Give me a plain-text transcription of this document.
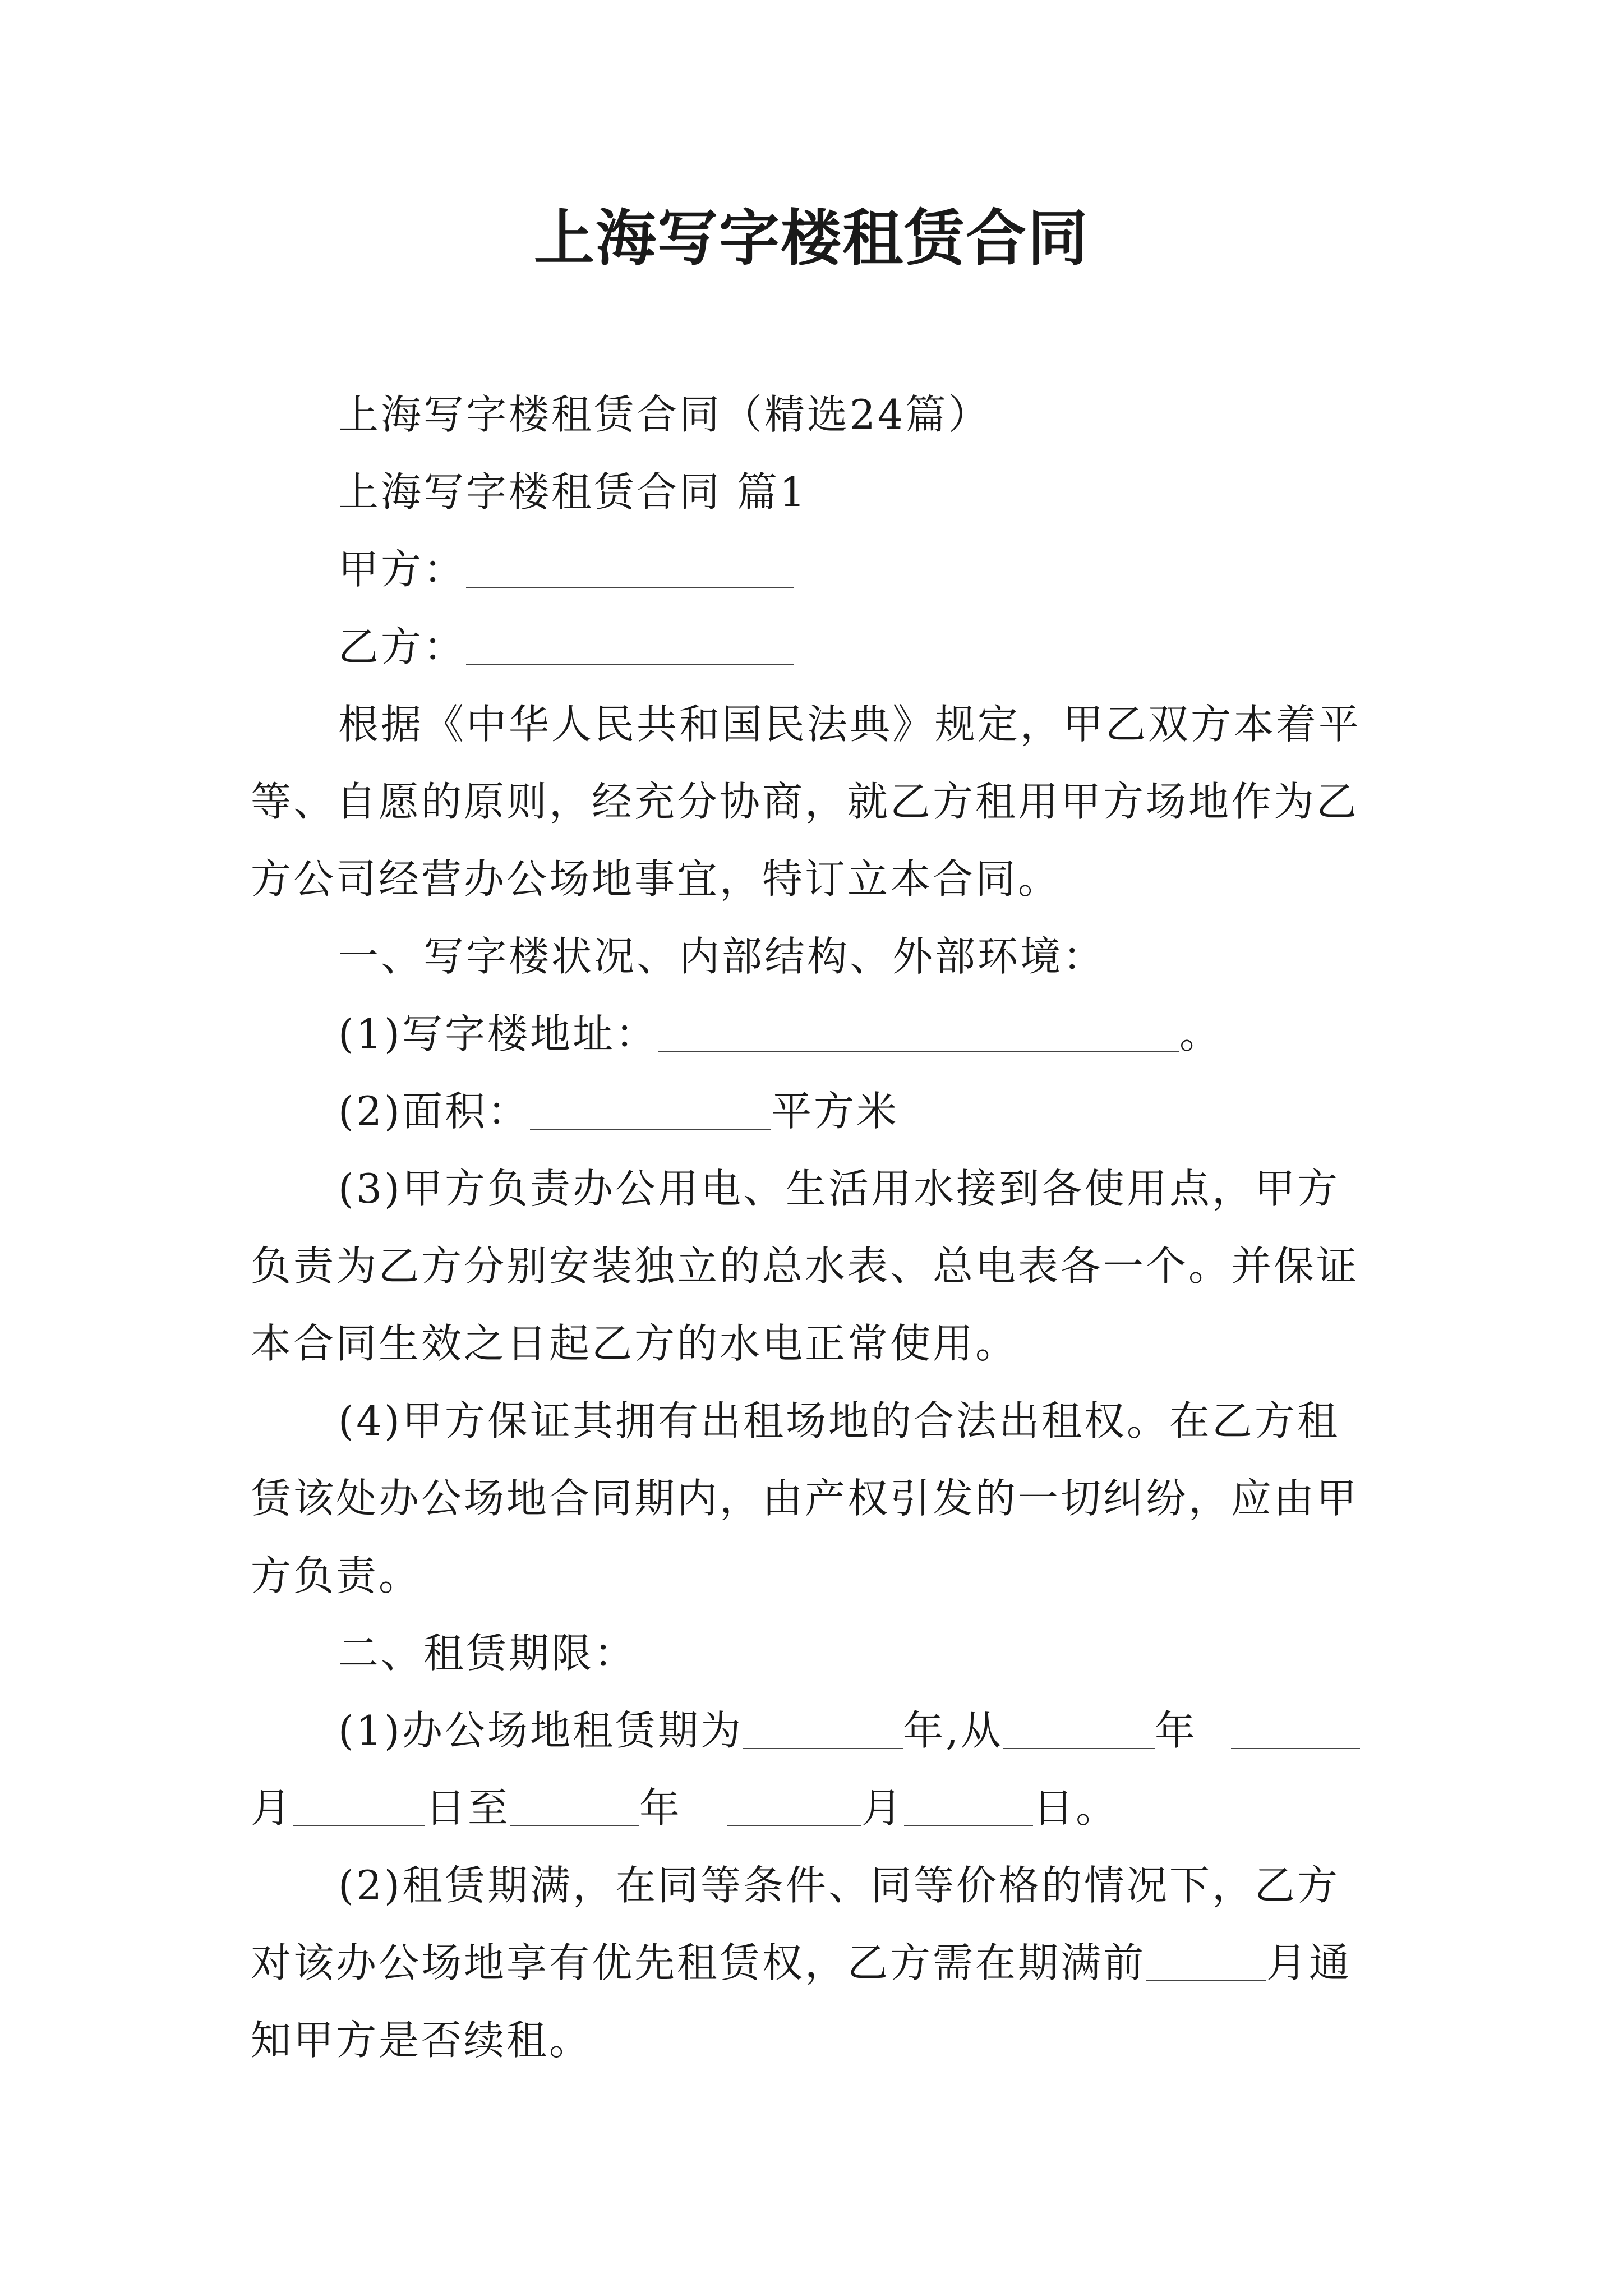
上海写字楼租赁合同
上海写字楼租赁合同（精选24篇）
上海写字楼租赁合同 篇1
甲方：
乙方：
根据《中华人民共和国民法典》规定，甲乙双方本着平
等、自愿的原则，经充分协商，就乙方租用甲方场地作为乙
方公司经营办公场地事宜，特订立本合同。
一、写字楼状况、内部结构、外部环境：
(1)写字楼地址：	。
(2)面积：	平方米
(3)甲方负责办公用电、生活用水接到各使用点，甲方
负责为乙方分别安装独立的总水表、总电表各一个。并保证
本合同生效之日起乙方的水电正常使用。
(4)甲方保证其拥有出租场地的合法出租权。在乙方租
赁该处办公场地合同期内，由产权引发的一切纠纷，应由甲
方负责。
二、租赁期限：
(1)办公场地租赁期为	年,从	年
月	日至	年	月	日。
(2)租赁期满，在同等条件、同等价格的情况下，乙方
对该办公场地享有优先租赁权，乙方需在期满前	月通
知甲方是否续租。
